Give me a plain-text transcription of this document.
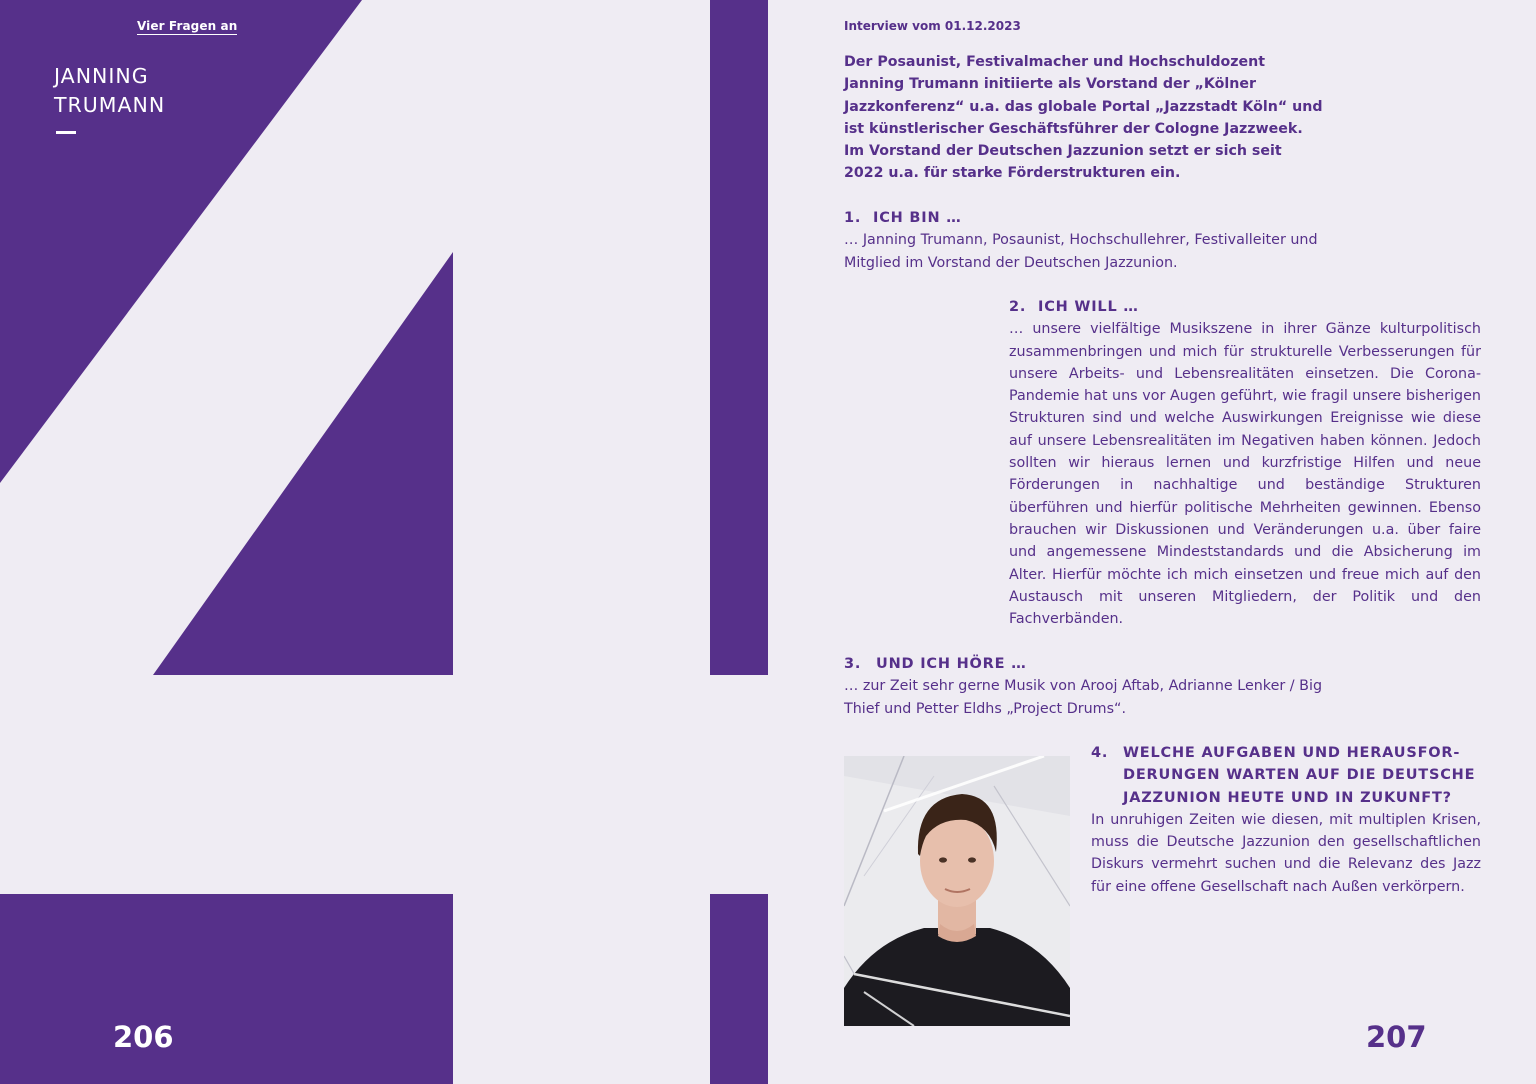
Vier Fragen an
JANNING
TRUMANN
206
Interview vom 01.12.2023
Der Posaunist, Festivalmacher und Hochschuldozent Janning Trumann initiierte als Vorstand der „Kölner Jazzkonferenz“ u.a. das globale Portal „Jazzstadt Köln“ und ist künstlerischer Geschäftsführer der Cologne Jazzweek. Im Vorstand der Deutschen Jazzunion setzt er sich seit 2022 u.a. für starke Förderstrukturen ein.
1. ICH BIN …
… Janning Trumann, Posaunist, Hochschullehrer, Festivalleiter und Mitglied im Vorstand der Deutschen Jazzunion.
2. ICH WILL …
… unsere vielfältige Musikszene in ihrer Gänze kulturpolitisch zusammenbringen und mich für strukturelle Verbesserungen für unsere Arbeits- und Lebensrealitäten einsetzen. Die Corona-Pandemie hat uns vor Augen geführt, wie fragil unsere bisherigen Strukturen sind und welche Auswirkungen Ereignisse wie diese auf unsere Lebensrealitäten im Negativen haben können. Jedoch sollten wir hieraus lernen und kurzfristige Hilfen und neue Förderungen in nachhaltige und beständige Strukturen überführen und hierfür politische Mehrheiten gewinnen. Ebenso brauchen wir Diskussionen und Veränderungen u.a. über faire und angemessene Mindeststandards und die Absicherung im Alter. Hierfür möchte ich mich einsetzen und freue mich auf den Austausch mit unseren Mitgliedern, der Politik und den Fachverbänden.
3. UND ICH HÖRE …
… zur Zeit sehr gerne Musik von Arooj Aftab, Adrianne Lenker / Big Thief und Petter Eldhs „Project Drums“.
4.	WELCHE AUFGABEN UND HERAUSFORDERUNGEN WARTEN AUF DIE DEUTSCHE JAZZUNION HEUTE UND IN ZUKUNFT?
In unruhigen Zeiten wie diesen, mit multiplen Krisen, muss die Deutsche Jazzunion den gesellschaftlichen Diskurs vermehrt suchen und die Relevanz des Jazz für eine offene Gesellschaft nach Außen verkörpern.
207
